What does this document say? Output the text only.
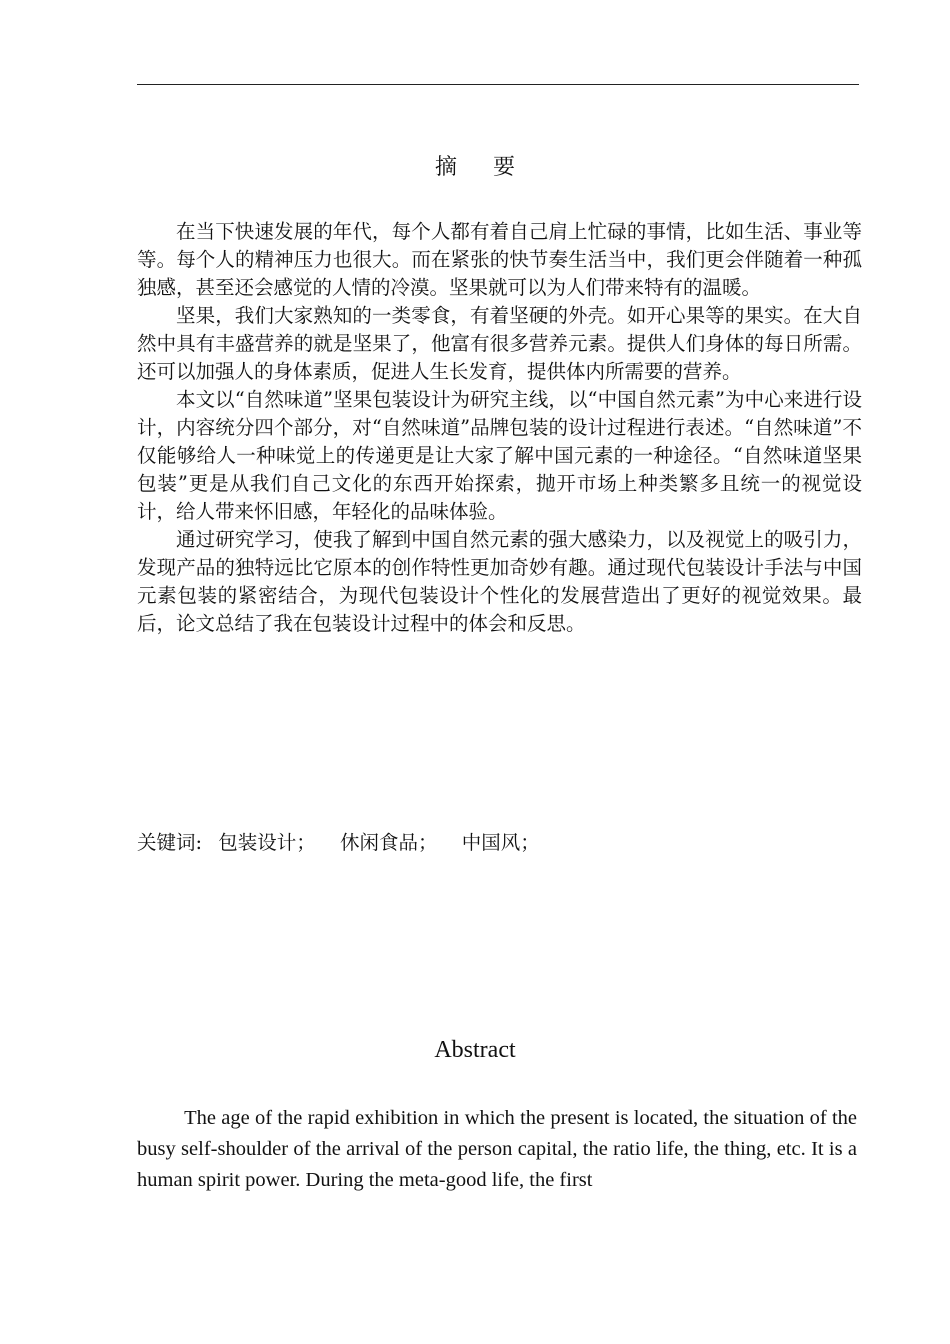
摘要

在当下快速发展的年代，每个人都有着自己肩上忙碌的事情，比如生活、事业等等。每个人的精神压力也很大。而在紧张的快节奏生活当中，我们更会伴随着一种孤独感，甚至还会感觉的人情的冷漠。坚果就可以为人们带来特有的温暖。

坚果，我们大家熟知的一类零食，有着坚硬的外壳。如开心果等的果实。在大自然中具有丰盛营养的就是坚果了，他富有很多营养元素。提供人们身体的每日所需。还可以加强人的身体素质，促进人生长发育，提供体内所需要的营养。

本文以“自然味道”坚果包装设计为研究主线，以“中国自然元素”为中心来进行设计，内容统分四个部分，对“自然味道”品牌包装的设计过程进行表述。“自然味道”不仅能够给人一种味觉上的传递更是让大家了解中国元素的一种途径。“自然味道坚果包装”更是从我们自己文化的东西开始探索，抛开市场上种类繁多且统一的视觉设计，给人带来怀旧感，年轻化的品味体验。

通过研究学习，使我了解到中国自然元素的强大感染力，以及视觉上的吸引力，发现产品的独特远比它原本的创作特性更加奇妙有趣。通过现代包装设计手法与中国元素包装的紧密结合，为现代包装设计个性化的发展营造出了更好的视觉效果。最后，论文总结了我在包装设计过程中的体会和反思。

关键词: 包装设计； 休闲食品； 中国风；
Abstract
The age of the rapid exhibition in which the present is located, the situation of the busy self-shoulder of the arrival of the person capital, the ratio life, the thing, etc. It is a human spirit power. During the meta-good life, the first
